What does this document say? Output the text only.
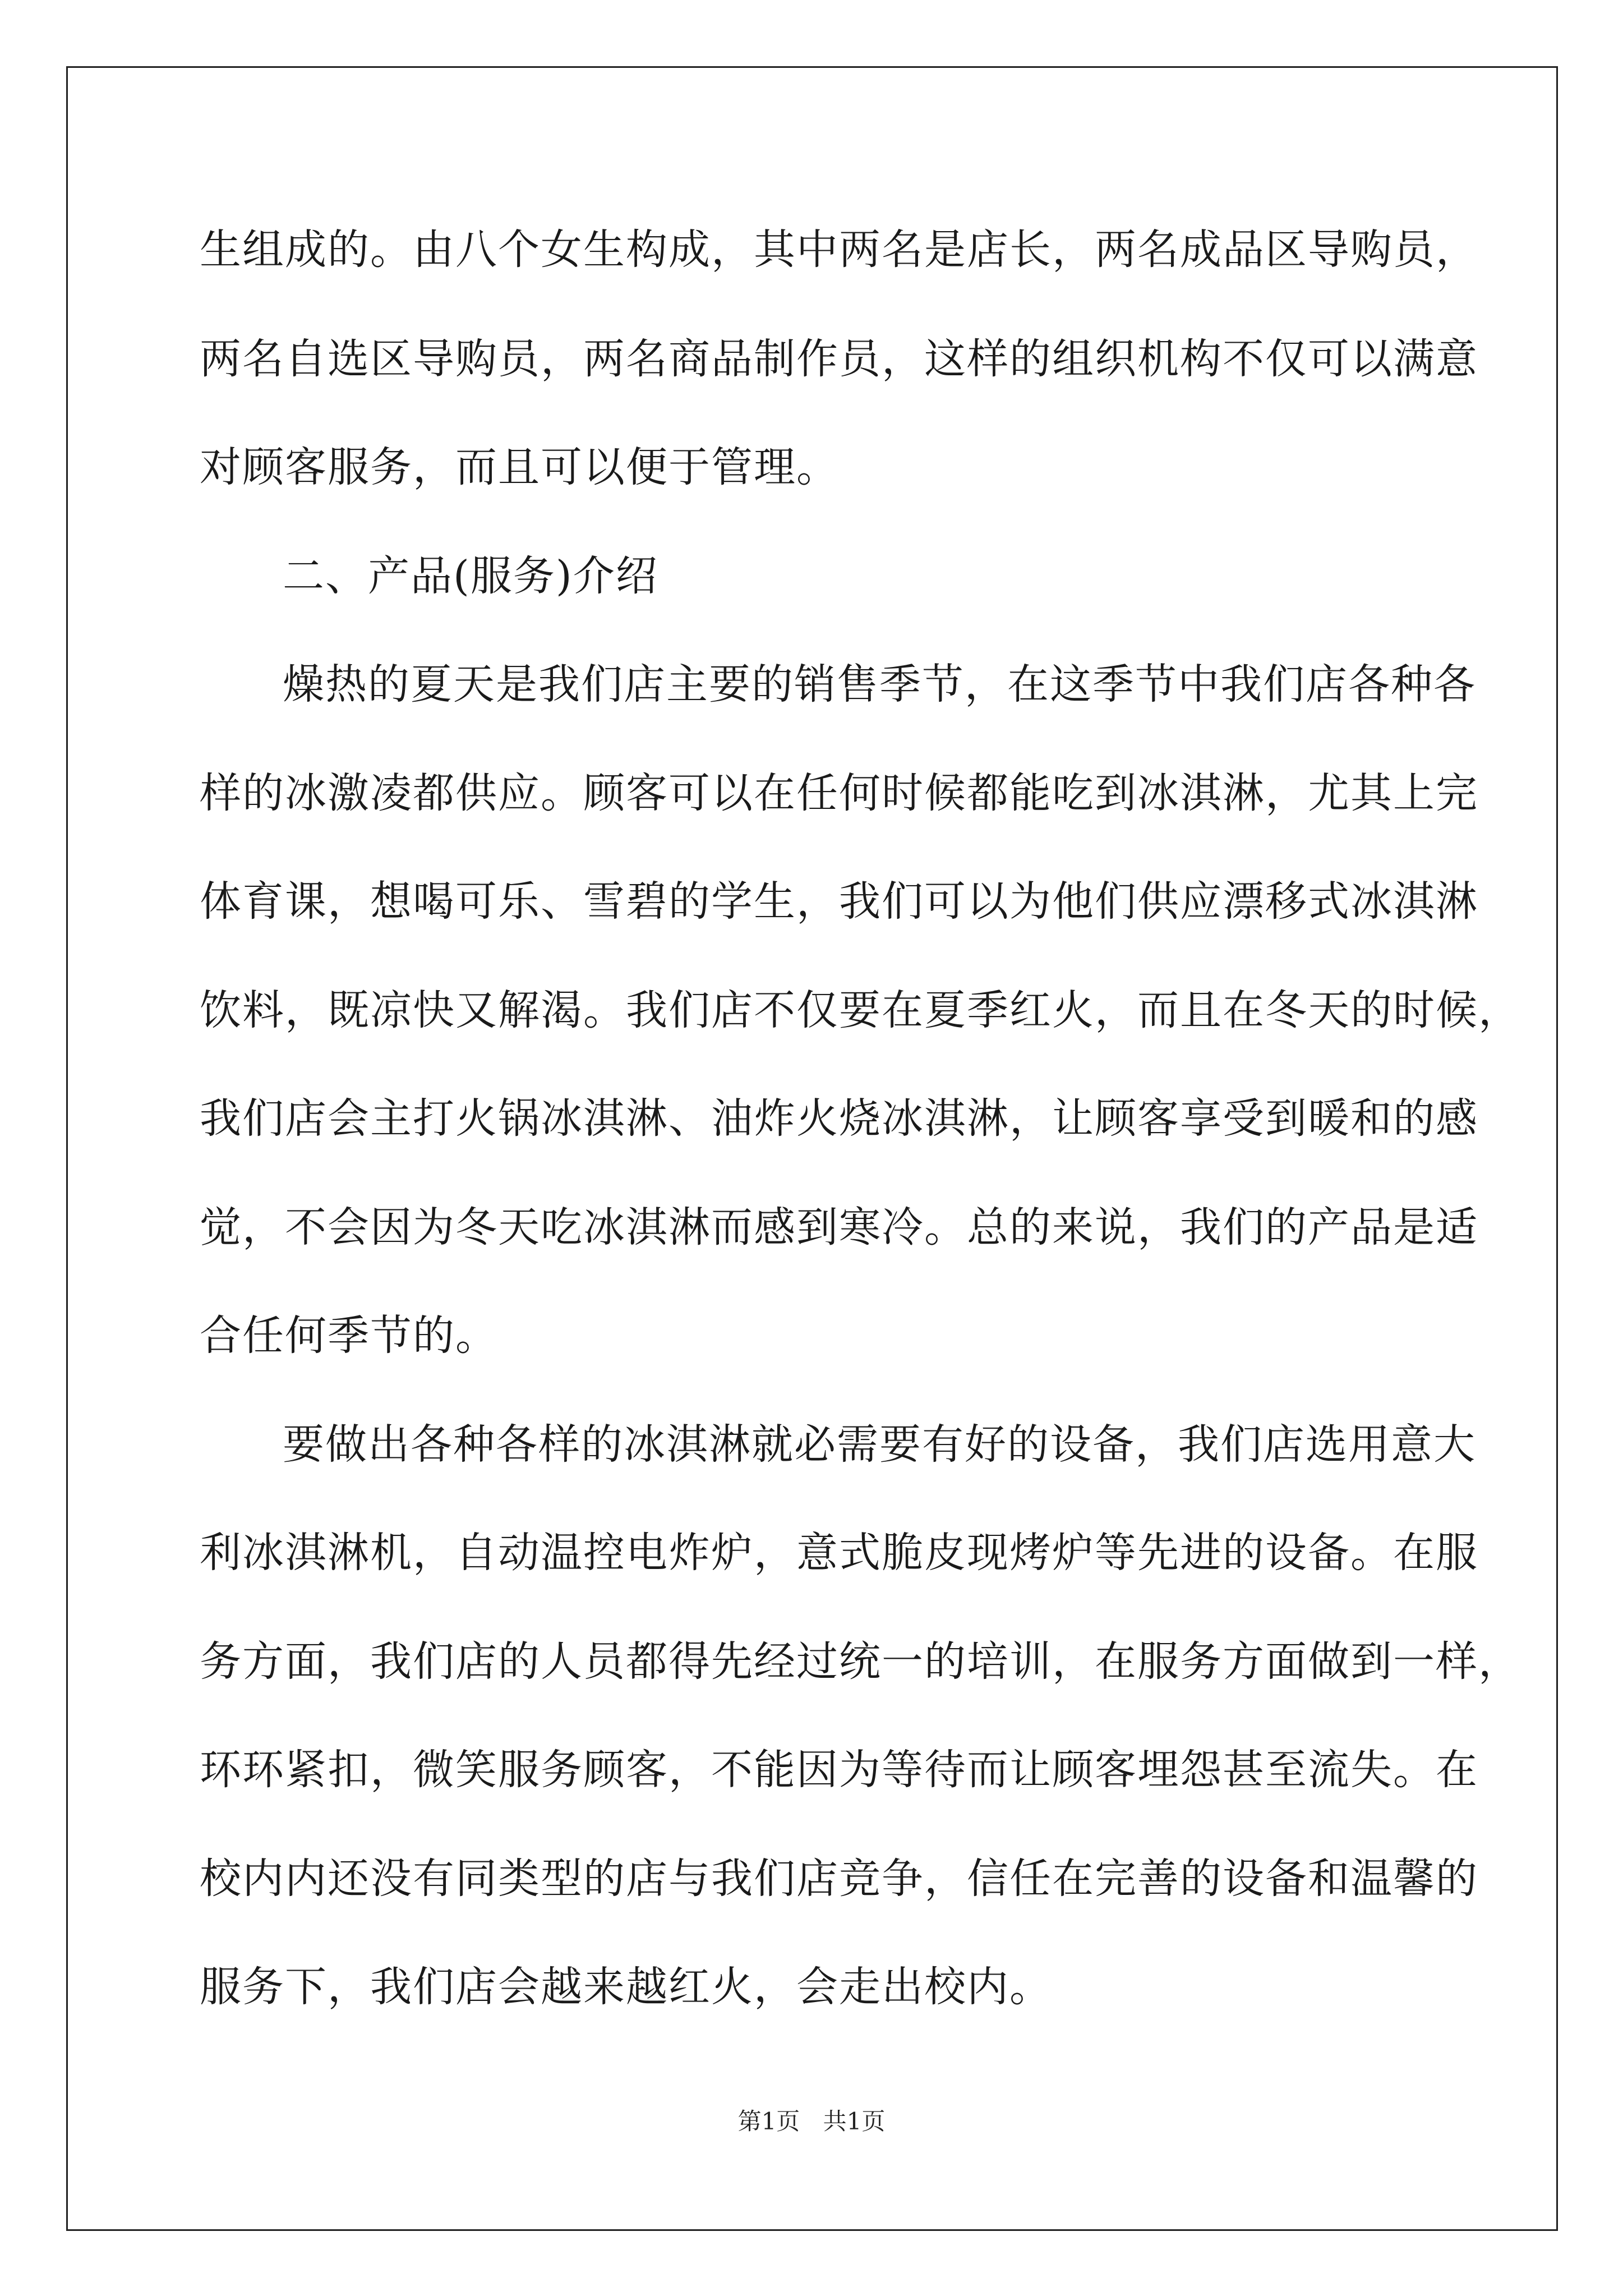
生组成的。由八个女生构成，其中两名是店长，两名成品区导购员，
两名自选区导购员，两名商品制作员，这样的组织机构不仅可以满意
对顾客服务，而且可以便于管理。
二、产品(服务)介绍
燥热的夏天是我们店主要的销售季节，在这季节中我们店各种各
样的冰激凌都供应。顾客可以在任何时候都能吃到冰淇淋，尤其上完
体育课，想喝可乐、雪碧的学生，我们可以为他们供应漂移式冰淇淋
饮料，既凉快又解渴。我们店不仅要在夏季红火，而且在冬天的时候，
我们店会主打火锅冰淇淋、油炸火烧冰淇淋，让顾客享受到暖和的感
觉，不会因为冬天吃冰淇淋而感到寒冷。总的来说，我们的产品是适
合任何季节的。
要做出各种各样的冰淇淋就必需要有好的设备，我们店选用意大
利冰淇淋机，自动温控电炸炉，意式脆皮现烤炉等先进的设备。在服
务方面，我们店的人员都得先经过统一的培训，在服务方面做到一样，
环环紧扣，微笑服务顾客，不能因为等待而让顾客埋怨甚至流失。在
校内内还没有同类型的店与我们店竞争，信任在完善的设备和温馨的
服务下，我们店会越来越红火，会走出校内。
第1页 共1页
